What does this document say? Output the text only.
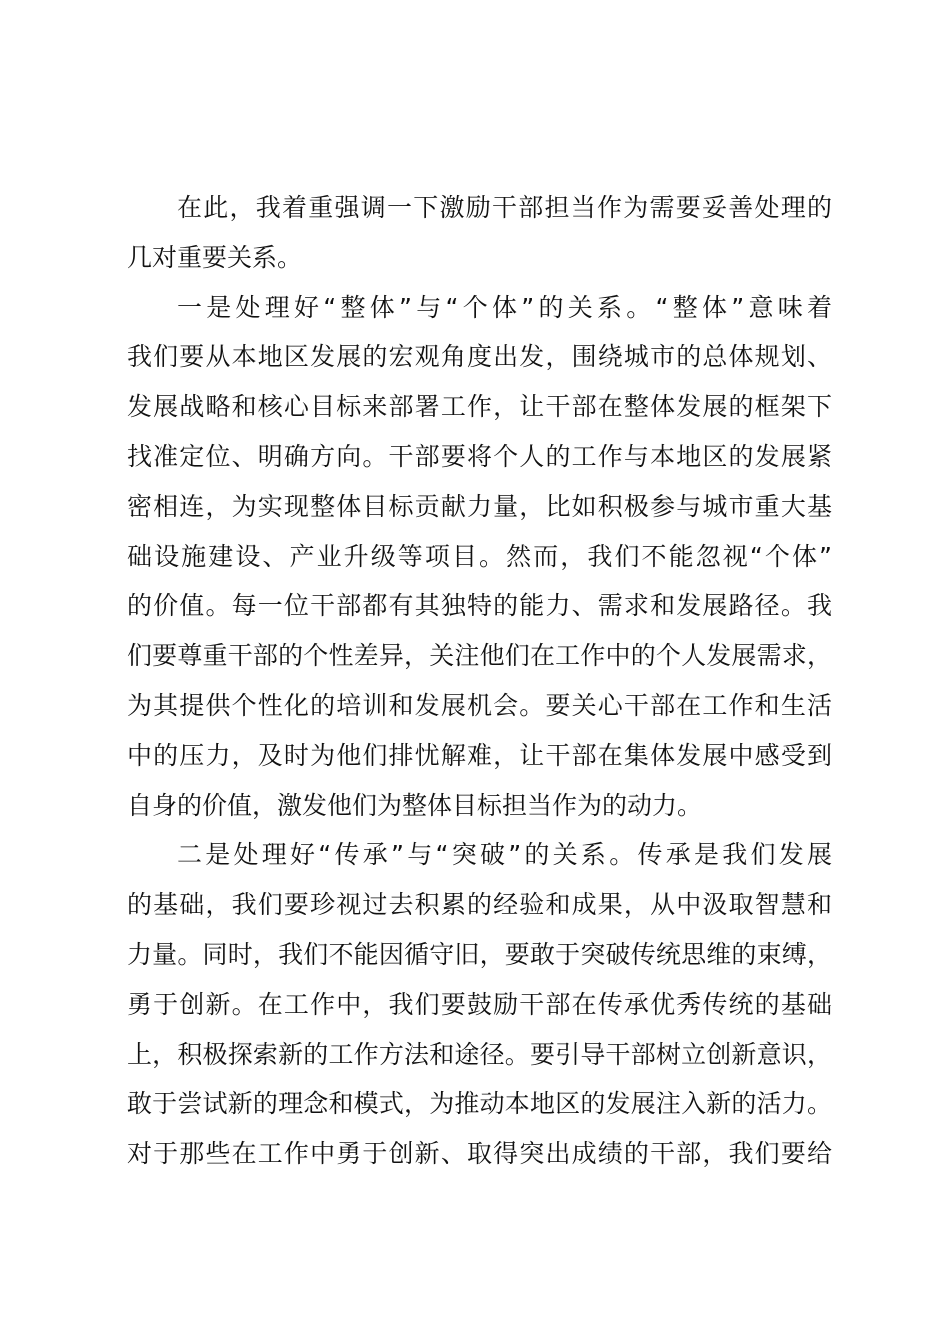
在此，我着重强调一下激励干部担当作为需要妥善处理的
几对重要关系。
一是处理好“整体”与“个体”的关系。“整体”意味着
我们要从本地区发展的宏观角度出发，围绕城市的总体规划、
发展战略和核心目标来部署工作，让干部在整体发展的框架下
找准定位、明确方向。干部要将个人的工作与本地区的发展紧
密相连，为实现整体目标贡献力量，比如积极参与城市重大基
础设施建设、产业升级等项目。然而，我们不能忽视“个体”
的价值。每一位干部都有其独特的能力、需求和发展路径。我
们要尊重干部的个性差异，关注他们在工作中的个人发展需求，
为其提供个性化的培训和发展机会。要关心干部在工作和生活
中的压力，及时为他们排忧解难，让干部在集体发展中感受到
自身的价值，激发他们为整体目标担当作为的动力。
二是处理好“传承”与“突破”的关系。传承是我们发展
的基础，我们要珍视过去积累的经验和成果，从中汲取智慧和
力量。同时，我们不能因循守旧，要敢于突破传统思维的束缚，
勇于创新。在工作中，我们要鼓励干部在传承优秀传统的基础
上，积极探索新的工作方法和途径。要引导干部树立创新意识，
敢于尝试新的理念和模式，为推动本地区的发展注入新的活力。
对于那些在工作中勇于创新、取得突出成绩的干部，我们要给
